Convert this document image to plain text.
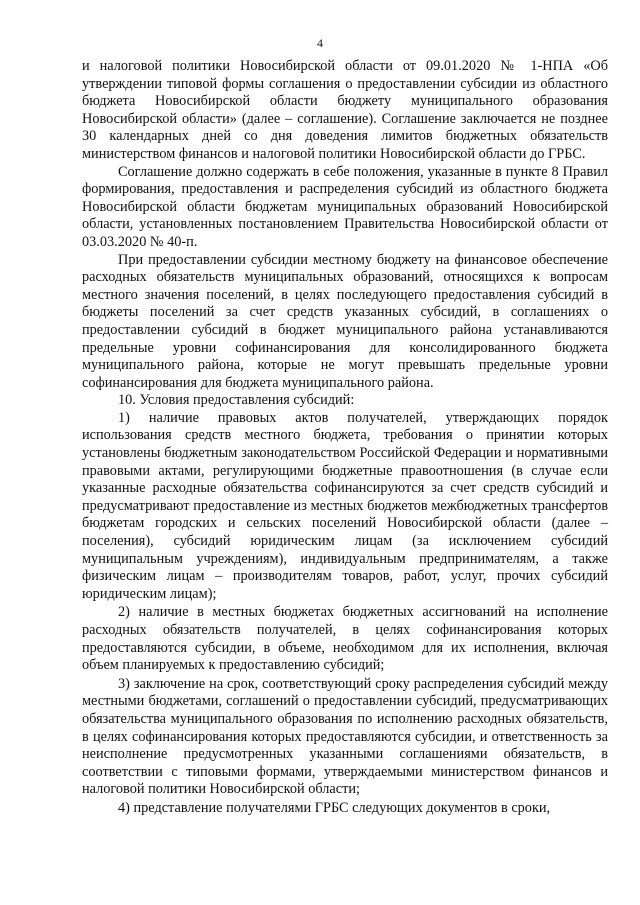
4

и налоговой политики Новосибирской области от 09.01.2020 № 1-НПА «Об утверждении типовой формы соглашения о предоставлении субсидии из областного бюджета Новосибирской области бюджету муниципального образования Новосибирской области» (далее – соглашение). Соглашение заключается не позднее 30 календарных дней со дня доведения лимитов бюджетных обязательств министерством финансов и налоговой политики Новосибирской области до ГРБС.

Соглашение должно содержать в себе положения, указанные в пункте 8 Правил формирования, предоставления и распределения субсидий из областного бюджета Новосибирской области бюджетам муниципальных образований Новосибирской области, установленных постановлением Правительства Новосибирской области от 03.03.2020 № 40-п.

При предоставлении субсидии местному бюджету на финансовое обеспечение расходных обязательств муниципальных образований, относящихся к вопросам местного значения поселений, в целях последующего предоставления субсидий в бюджеты поселений за счет средств указанных субсидий, в соглашениях о предоставлении субсидий в бюджет муниципального района устанавливаются предельные уровни софинансирования для консолидированного бюджета муниципального района, которые не могут превышать предельные уровни софинансирования для бюджета муниципального района.

10. Условия предоставления субсидий:

1) наличие правовых актов получателей, утверждающих порядок использования средств местного бюджета, требования о принятии которых установлены бюджетным законодательством Российской Федерации и нормативными правовыми актами, регулирующими бюджетные правоотношения (в случае если указанные расходные обязательства софинансируются за счет средств субсидий и предусматривают предоставление из местных бюджетов межбюджетных трансфертов бюджетам городских и сельских поселений Новосибирской области (далее – поселения), субсидий юридическим лицам (за исключением субсидий муниципальным учреждениям), индивидуальным предпринимателям, а также физическим лицам – производителям товаров, работ, услуг, прочих субсидий юридическим лицам);

2) наличие в местных бюджетах бюджетных ассигнований на исполнение расходных обязательств получателей, в целях софинансирования которых предоставляются субсидии, в объеме, необходимом для их исполнения, включая объем планируемых к предоставлению субсидий;

3) заключение на срок, соответствующий сроку распределения субсидий между местными бюджетами, соглашений о предоставлении субсидий, предусматривающих обязательства муниципального образования по исполнению расходных обязательств, в целях софинансирования которых предоставляются субсидии, и ответственность за неисполнение предусмотренных указанными соглашениями обязательств, в соответствии с типовыми формами, утверждаемыми министерством финансов и налоговой политики Новосибирской области;

4) представление получателями ГРБС следующих документов в сроки,
